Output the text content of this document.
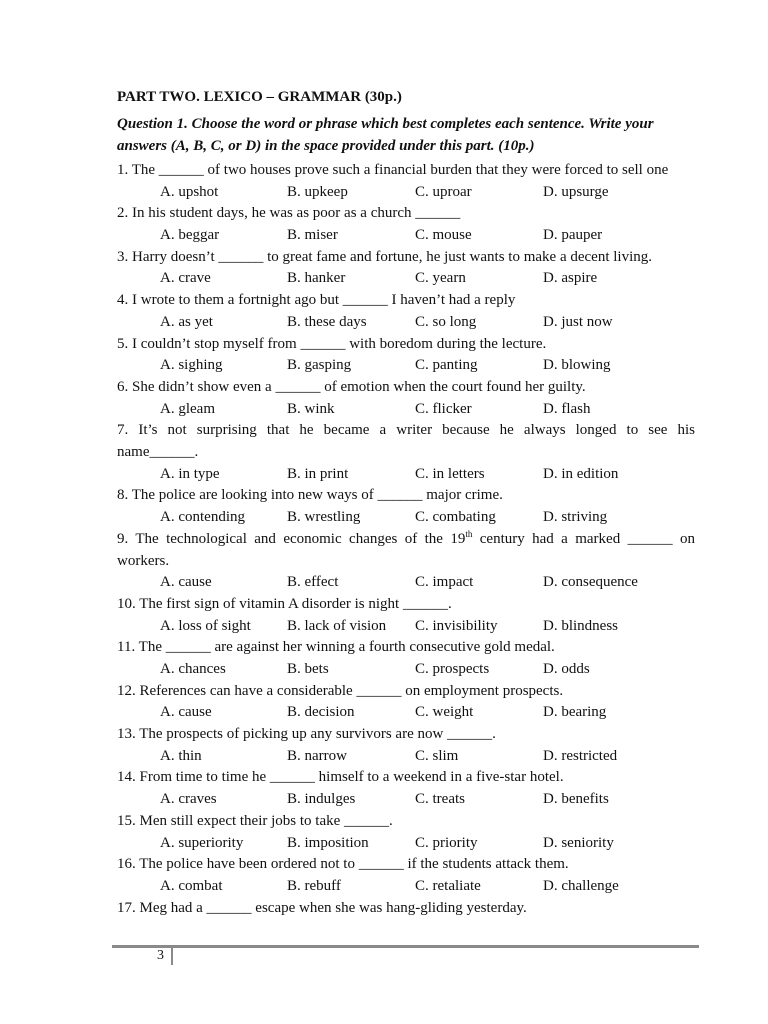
PART TWO. LEXICO – GRAMMAR (30p.)
Question 1. Choose the word or phrase which best completes each sentence. Write your answers (A, B, C, or D) in the space provided under this part. (10p.)
1. The ______ of two houses prove such a financial burden that they were forced to sell one
A. upshot	B. upkeep	C. uproar	D. upsurge
2. In his student days, he was as poor as a church ______
A. beggar	B. miser	C. mouse	D. pauper
3. Harry doesn’t ______ to great fame and fortune, he just wants to make a decent living.
A. crave	B. hanker	C. yearn	D. aspire
4. I wrote to them a fortnight ago but ______ I haven’t had a reply
A. as yet	B. these days	C. so long	D. just now
5. I couldn’t stop myself from ______ with boredom during the lecture.
A. sighing	B. gasping	C. panting	D. blowing
6. She didn’t show even a ______ of emotion when the court found her guilty.
A. gleam	B. wink	C. flicker	D. flash
7. It’s not surprising that he became a writer because he always longed to see his
name______.
A. in type	B. in print	C. in letters	D. in edition
8. The police are looking into new ways of ______ major crime.
A. contending	B. wrestling	C. combating	D. striving
9. The technological and economic changes of the 19th century had a marked ______ on
workers.
A. cause	B. effect	C. impact	D. consequence
10. The first sign of vitamin A disorder is night ______.
A. loss of sight B. lack of vision C. invisibility	D. blindness
11. The ______ are against her winning a fourth consecutive gold medal.
A. chances	B. bets	C. prospects	D. odds
12. References can have a considerable ______ on employment prospects.
A. cause	B. decision	C. weight	D. bearing
13. The prospects of picking up any survivors are now ______.
A. thin	B. narrow	C. slim	D. restricted
14. From time to time he ______ himself to a weekend in a five-star hotel.
A. craves	B. indulges	C. treats	D. benefits
15. Men still expect their jobs to take ______.
A. superiority	B. imposition	C. priority	D. seniority
16. The police have been ordered not to ______ if the students attack them.
A. combat	B. rebuff	C. retaliate	D. challenge
17. Meg had a ______ escape when she was hang-gliding yesterday.
3
